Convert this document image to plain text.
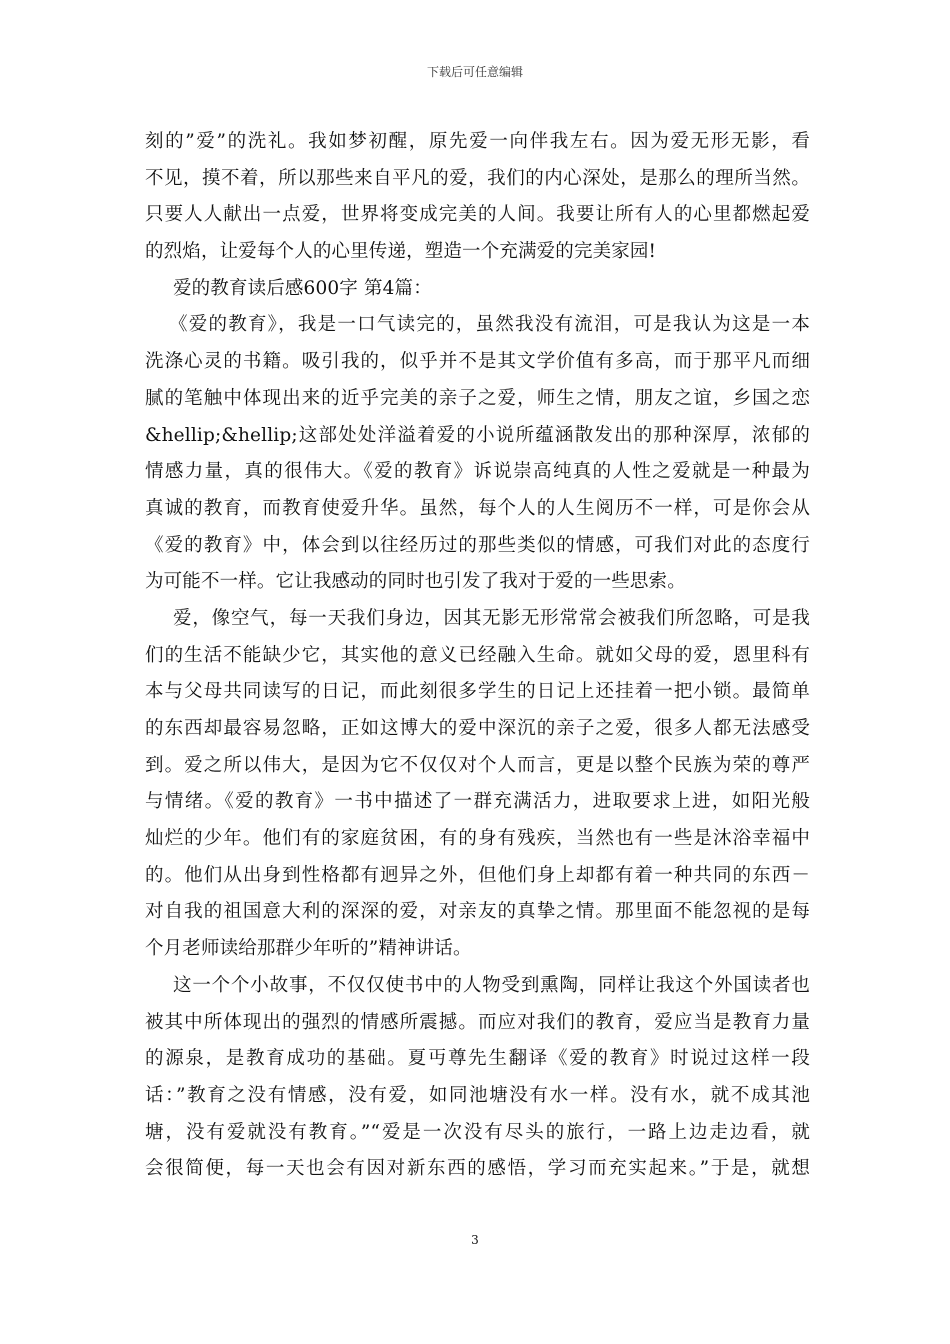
下载后可任意编辑
刻的”爱”的洗礼。我如梦初醒，原先爱一向伴我左右。因为爱无形无影，看
不见，摸不着，所以那些来自平凡的爱，我们的内心深处，是那么的理所当然。
只要人人献出一点爱，世界将变成完美的人间。我要让所有人的心里都燃起爱
的烈焰，让爱每个人的心里传递，塑造一个充满爱的完美家园!
爱的教育读后感600字 第4篇：
《爱的教育》，我是一口气读完的，虽然我没有流泪，可是我认为这是一本
洗涤心灵的书籍。吸引我的，似乎并不是其文学价值有多高，而于那平凡而细
腻的笔触中体现出来的近乎完美的亲子之爱，师生之情，朋友之谊，乡国之恋
&hellip;&hellip;这部处处洋溢着爱的小说所蕴涵散发出的那种深厚，浓郁的
情感力量，真的很伟大。《爱的教育》诉说崇高纯真的人性之爱就是一种最为
真诚的教育，而教育使爱升华。虽然，每个人的人生阅历不一样，可是你会从
《爱的教育》中，体会到以往经历过的那些类似的情感，可我们对此的态度行
为可能不一样。它让我感动的同时也引发了我对于爱的一些思索。
爱，像空气，每一天我们身边，因其无影无形常常会被我们所忽略，可是我
们的生活不能缺少它，其实他的意义已经融入生命。就如父母的爱，恩里科有
本与父母共同读写的日记，而此刻很多学生的日记上还挂着一把小锁。最简单
的东西却最容易忽略，正如这博大的爱中深沉的亲子之爱，很多人都无法感受
到。爱之所以伟大，是因为它不仅仅对个人而言，更是以整个民族为荣的尊严
与情绪。《爱的教育》一书中描述了一群充满活力，进取要求上进，如阳光般
灿烂的少年。他们有的家庭贫困，有的身有残疾，当然也有一些是沐浴幸福中
的。他们从出身到性格都有迥异之外，但他们身上却都有着一种共同的东西－
对自我的祖国意大利的深深的爱，对亲友的真挚之情。那里面不能忽视的是每
个月老师读给那群少年听的”精神讲话。
这一个个小故事，不仅仅使书中的人物受到熏陶，同样让我这个外国读者也
被其中所体现出的强烈的情感所震撼。而应对我们的教育，爱应当是教育力量
的源泉，是教育成功的基础。夏丏尊先生翻译《爱的教育》时说过这样一段
话：”教育之没有情感，没有爱，如同池塘没有水一样。没有水，就不成其池
塘，没有爱就没有教育。”“爱是一次没有尽头的旅行，一路上边走边看，就
会很简便，每一天也会有因对新东西的感悟，学习而充实起来。”于是，就想
3
